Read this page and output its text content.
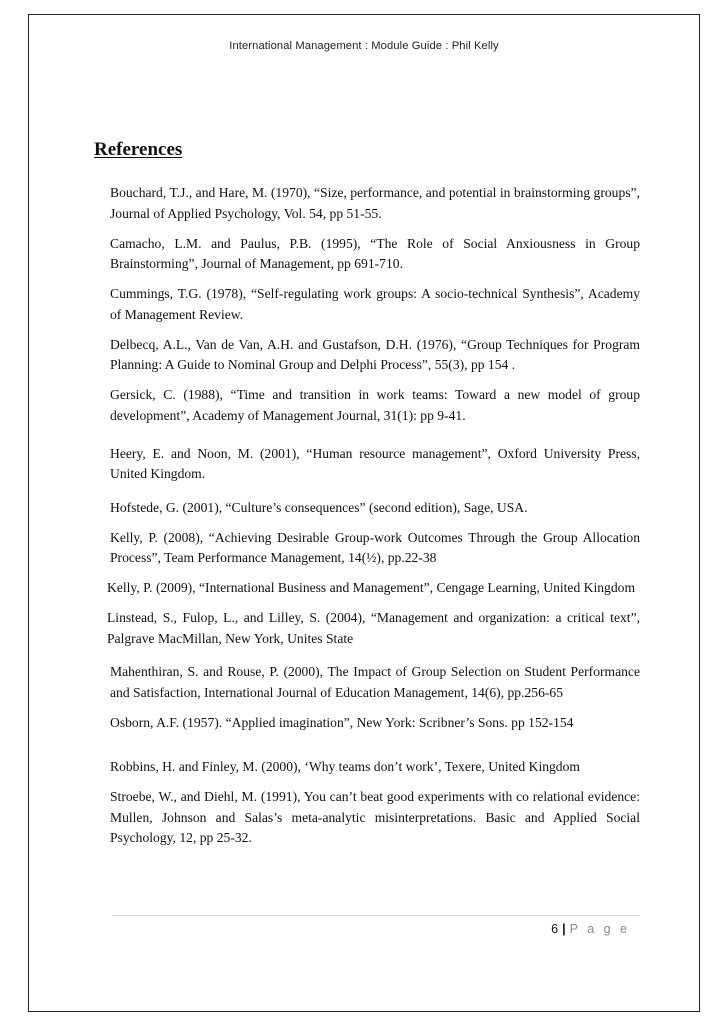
International Management : Module Guide : Phil Kelly
References
Bouchard, T.J., and Hare, M. (1970), “Size, performance, and potential in brainstorming groups”, Journal of Applied Psychology, Vol. 54, pp 51-55.
Camacho, L.M. and Paulus, P.B. (1995), “The Role of Social Anxiousness in Group Brainstorming”, Journal of Management, pp 691-710.
Cummings, T.G. (1978), “Self-regulating work groups: A socio-technical Synthesis”, Academy of Management Review.
Delbecq, A.L., Van de Van, A.H. and Gustafson, D.H. (1976), “Group Techniques for Program Planning: A Guide to Nominal Group and Delphi Process”, 55(3), pp 154 .
Gersick, C. (1988), “Time and transition in work teams: Toward a new model of group development”, Academy of Management Journal, 31(1): pp 9-41.
Heery, E. and Noon, M. (2001), “Human resource management”, Oxford University Press, United Kingdom.
Hofstede, G. (2001), “Culture’s consequences” (second edition), Sage, USA.
Kelly, P. (2008), “Achieving Desirable Group-work Outcomes Through the Group Allocation Process”, Team Performance Management, 14(½), pp.22-38
Kelly, P. (2009), “International Business and Management”, Cengage Learning, United Kingdom
Linstead, S., Fulop, L., and Lilley, S. (2004), “Management and organization: a critical text”, Palgrave MacMillan, New York, Unites State
Mahenthiran, S. and Rouse, P. (2000), The Impact of Group Selection on Student Performance and Satisfaction, International Journal of Education Management, 14(6), pp.256-65
Osborn, A.F. (1957). “Applied imagination”, New York: Scribner’s Sons. pp 152-154
Robbins, H. and Finley, M. (2000), ‘Why teams don’t work’, Texere, United Kingdom
Stroebe, W., and Diehl, M. (1991), You can’t beat good experiments with co relational evidence: Mullen, Johnson and Salas’s meta-analytic misinterpretations. Basic and Applied Social Psychology, 12, pp 25-32.
6 | P a g e
